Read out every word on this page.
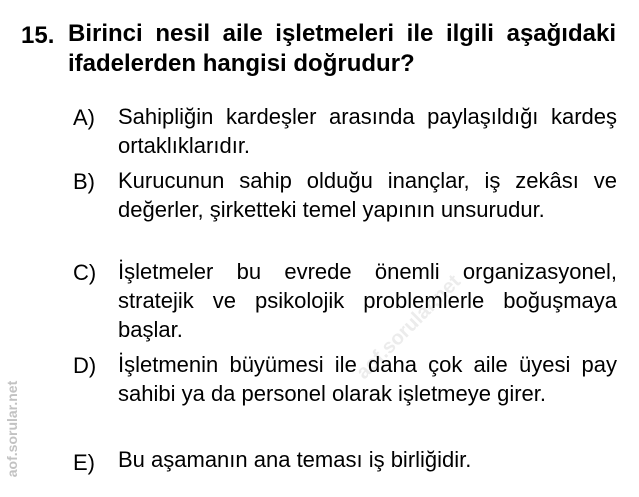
aof.sorular.net
aof.sorular.net
15. Birinci nesil aile işletmeleri ile ilgili aşağıdaki ifadelerden hangisi doğrudur?
A) Sahipliğin kardeşler arasında paylaşıldığı kardeş ortaklıklarıdır.
B) Kurucunun sahip olduğu inançlar, iş zekâsı ve değerler, şirketteki temel yapının unsurudur.
C) İşletmeler bu evrede önemli organizasyonel, stratejik ve psikolojik problemlerle boğuşmaya başlar.
D) İşletmenin büyümesi ile daha çok aile üyesi pay sahibi ya da personel olarak işletmeye girer.
E) Bu aşamanın ana teması iş birliğidir.
